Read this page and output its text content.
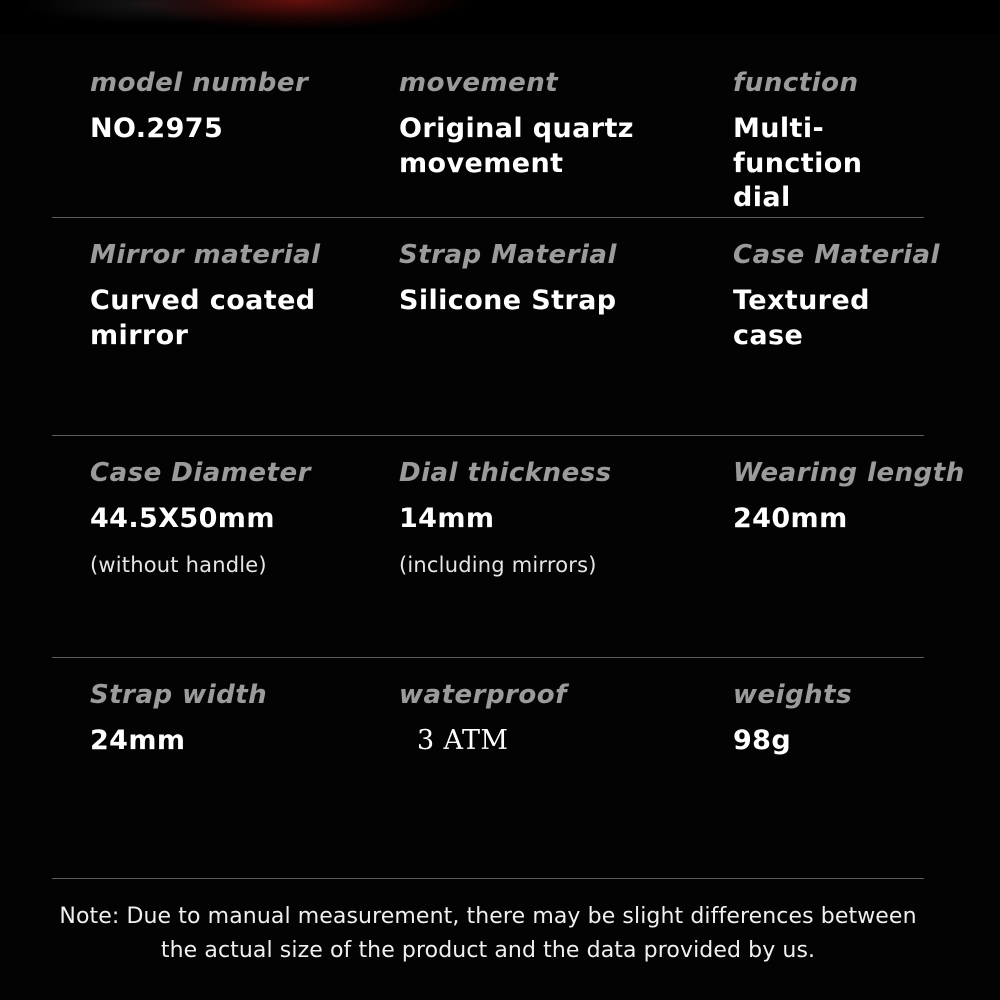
model number
NO.2975
movement
Original quartz movement
function
Multi-function dial
Mirror material
Curved coated mirror
Strap Material
Silicone Strap
Case Material
Textured case
Case Diameter
44.5X50mm
(without handle)
Dial thickness
14mm
(including mirrors)
Wearing length
240mm
Strap width
24mm
waterproof
3 ATM
weights
98g
Note: Due to manual measurement, there may be slight differences between
the actual size of the product and the data provided by us.
